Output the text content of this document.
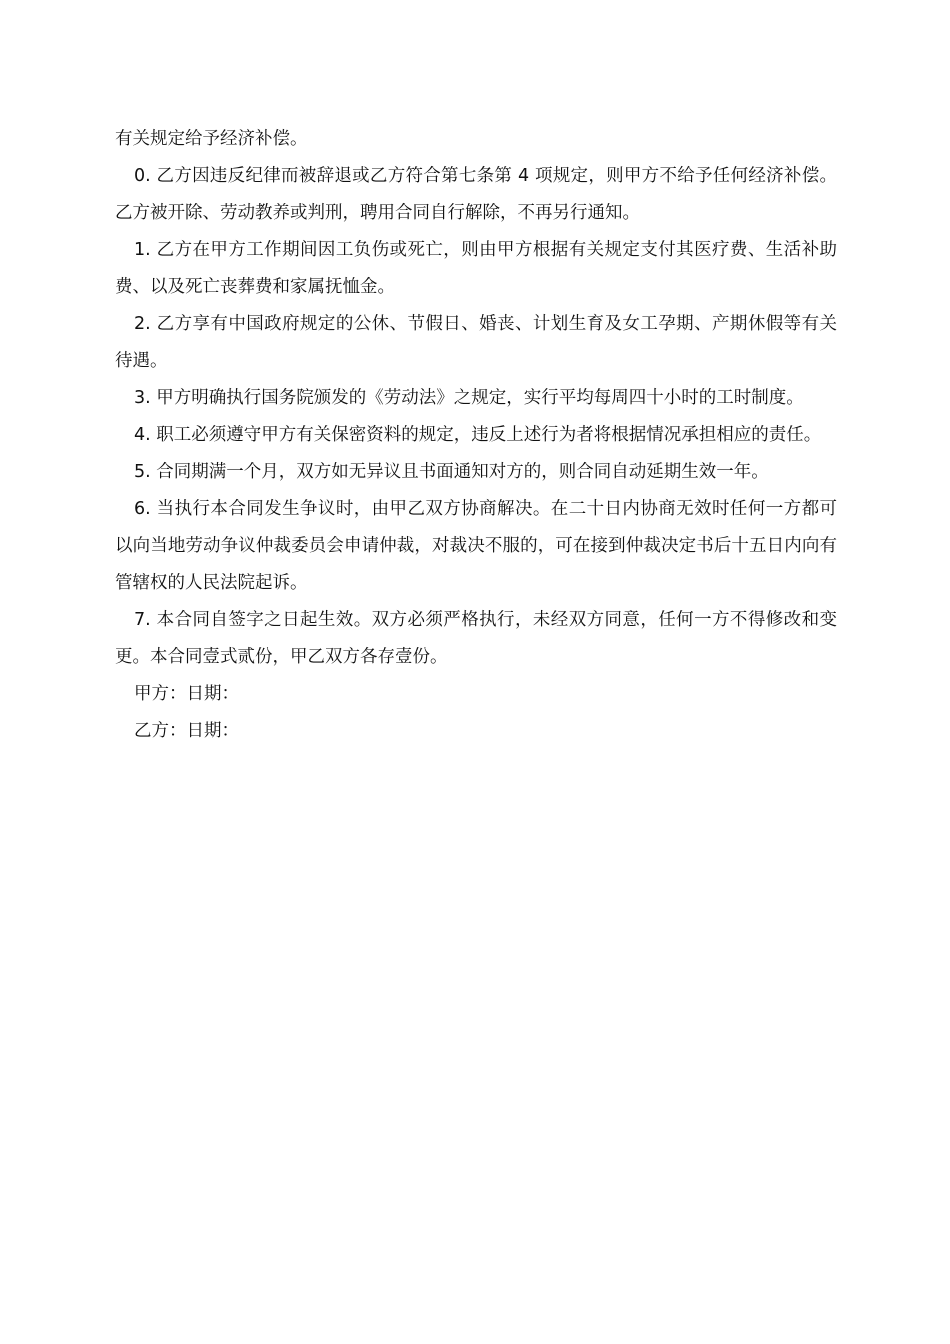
有关规定给予经济补偿。

0. 乙方因违反纪律而被辞退或乙方符合第七条第 4 项规定，则甲方不给予任何经济补偿。乙方被开除、劳动教养或判刑，聘用合同自行解除，不再另行通知。

1. 乙方在甲方工作期间因工负伤或死亡，则由甲方根据有关规定支付其医疗费、生活补助费、以及死亡丧葬费和家属抚恤金。

2. 乙方享有中国政府规定的公休、节假日、婚丧、计划生育及女工孕期、产期休假等有关待遇。

3. 甲方明确执行国务院颁发的《劳动法》之规定，实行平均每周四十小时的工时制度。

4. 职工必须遵守甲方有关保密资料的规定，违反上述行为者将根据情况承担相应的责任。

5. 合同期满一个月，双方如无异议且书面通知对方的，则合同自动延期生效一年。

6. 当执行本合同发生争议时，由甲乙双方协商解决。在二十日内协商无效时任何一方都可以向当地劳动争议仲裁委员会申请仲裁，对裁决不服的，可在接到仲裁决定书后十五日内向有管辖权的人民法院起诉。

7. 本合同自签字之日起生效。双方必须严格执行，未经双方同意，任何一方不得修改和变更。本合同壹式贰份，甲乙双方各存壹份。

甲方：日期：

乙方：日期：
